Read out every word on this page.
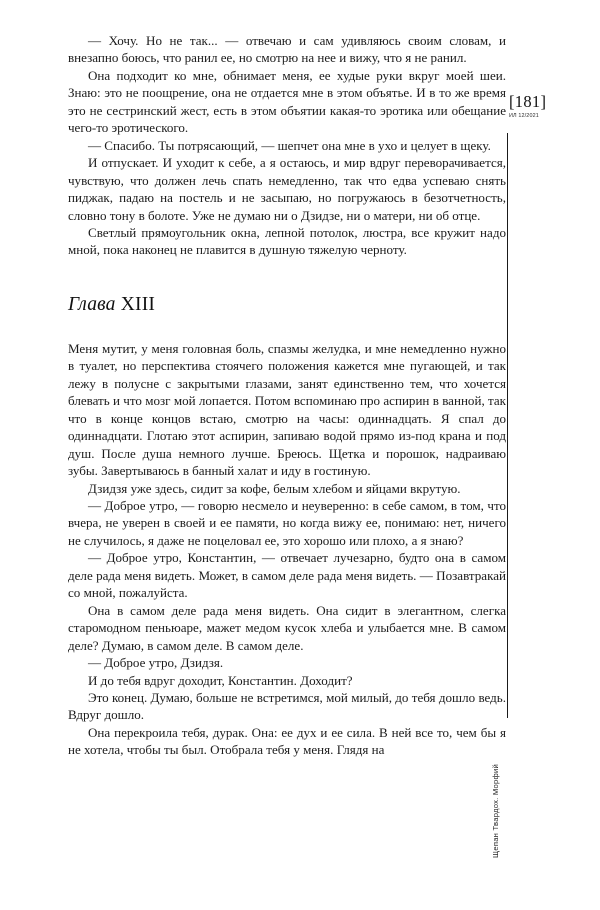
[181]
ИЛ 12/2021
Щепан Твардох. Морфий

— Хочу. Но не так... — отвечаю и сам удивляюсь своим словам, и внезапно боюсь, что ранил ее, но смотрю на нее и вижу, что я не ранил.

Она подходит ко мне, обнимает меня, ее худые руки вкруг моей шеи. Знаю: это не поощрение, она не отдается мне в этом объятье. И в то же время это не сестринский жест, есть в этом объятии какая-то эротика или обещание чего-то эротического.

— Спасибо. Ты потрясающий, — шепчет она мне в ухо и целует в щеку.

И отпускает. И уходит к себе, а я остаюсь, и мир вдруг переворачивается, чувствую, что должен лечь спать немедленно, так что едва успеваю снять пиджак, падаю на постель и не засыпаю, но погружаюсь в безотчетность, словно тону в болоте. Уже не думаю ни о Дзидзе, ни о матери, ни об отце.

Светлый прямоугольник окна, лепной потолок, люстра, все кружит надо мной, пока наконец не плавится в душную тяжелую черноту.

Глава XIII

Меня мутит, у меня головная боль, спазмы желудка, и мне немедленно нужно в туалет, но перспектива стоячего положения кажется мне пугающей, и так лежу в полусне с закрытыми глазами, занят единственно тем, что хочется блевать и что мозг мой лопается. Потом вспоминаю про аспирин в ванной, так что в конце концов встаю, смотрю на часы: одиннадцать. Я спал до одиннадцати. Глотаю этот аспирин, запиваю водой прямо из-под крана и под душ. После душа немного лучше. Бреюсь. Щетка и порошок, надраиваю зубы. Завертываюсь в банный халат и иду в гостиную.

Дзидзя уже здесь, сидит за кофе, белым хлебом и яйцами вкрутую.

— Доброе утро, — говорю несмело и неуверенно: в себе самом, в том, что вчера, не уверен в своей и ее памяти, но когда вижу ее, понимаю: нет, ничего не случилось, я даже не поцеловал ее, это хорошо или плохо, а я знаю?

— Доброе утро, Константин, — отвечает лучезарно, будто она в самом деле рада меня видеть. Может, в самом деле рада меня видеть. — Позавтракай со мной, пожалуйста.

Она в самом деле рада меня видеть. Она сидит в элегантном, слегка старомодном пеньюаре, мажет медом кусок хлеба и улыбается мне. В самом деле? Думаю, в самом деле. В самом деле.

— Доброе утро, Дзидзя.

И до тебя вдруг доходит, Константин. Доходит?

Это конец. Думаю, больше не встретимся, мой милый, до тебя дошло ведь. Вдруг дошло.

Она перекроила тебя, дурак. Она: ее дух и ее сила. В ней все то, чем бы я не хотела, чтобы ты был. Отобрала тебя у меня. Глядя на
